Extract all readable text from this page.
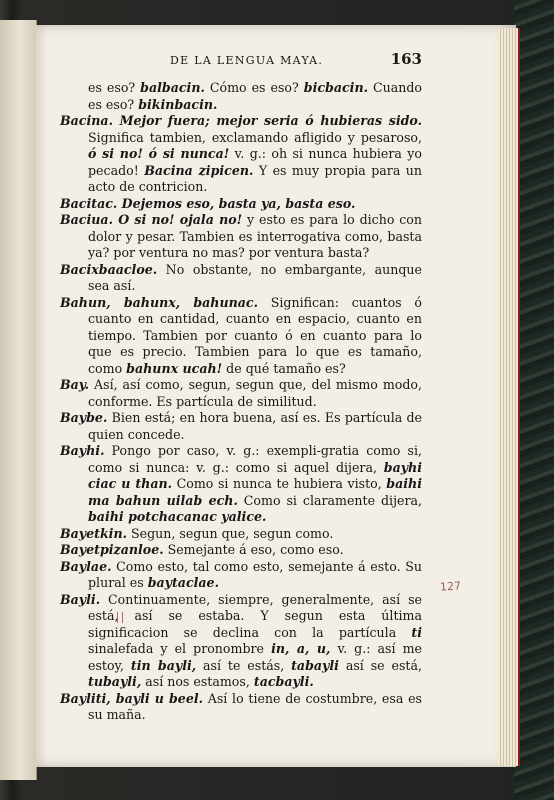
DE LA LENGUA MAYA.	163

es eso? balbacin. Cómo es eso? bicbacin. Cuando es eso? bikinbacin.

Bacina. Mejor fuera; mejor seria ó hubieras sido. Significa tambien, exclamando afligido y pesaroso, ó si no! ó si nunca! v. g.: oh si nunca hubiera yo pecado! Bacina zipicen. Y es muy propia para un acto de contricion.

Bacitac. Dejemos eso, basta ya, basta eso.

Baciua. O si no! ojala no! y esto es para lo dicho con dolor y pesar. Tambien es interrogativa como, basta ya? por ventura no mas? por ventura basta?

Bacixbaacloe. No obstante, no embargante, aunque sea así.

Bahun, bahunx, bahunac. Significan: cuantos ó cuanto en cantidad, cuanto en espacio, cuanto en tiempo. Tambien por cuanto ó en cuanto para lo que es precio. Tambien para lo que es tamaño, como bahunx ucah! de qué tamaño es?

Bay. Así, así como, segun, segun que, del mismo modo, conforme. Es partícula de similitud.

Baybe. Bien está; en hora buena, así es. Es partícula de quien concede.

Bayhi. Pongo por caso, v. g.: exempli-gratia como si, como si nunca: v. g.: como si aquel dijera, bayhi ciac u than. Como si nunca te hubiera visto, baihi ma bahun uilab ech. Como si claramente dijera, baihi potchacanac yalice.

Bayetkin. Segun, segun que, segun como.

Bayetpizanloe. Semejante á eso, como eso.

Baylae. Como esto, tal como esto, semejante á esto. Su plural es baytaclae.

Bayli. Continuamente, siempre, generalmente, así se está, así se estaba. Y segun esta última significacion se declina con la partícula ti sinalefada y el pronombre in, a, u, v. g.: así me estoy, tin bayli, así te estás, tabayli así se está, tubayli, así nos estamos, tacbayli.

Bayliti, bayli u beel. Así lo tiene de costumbre, esa es su maña.

127
